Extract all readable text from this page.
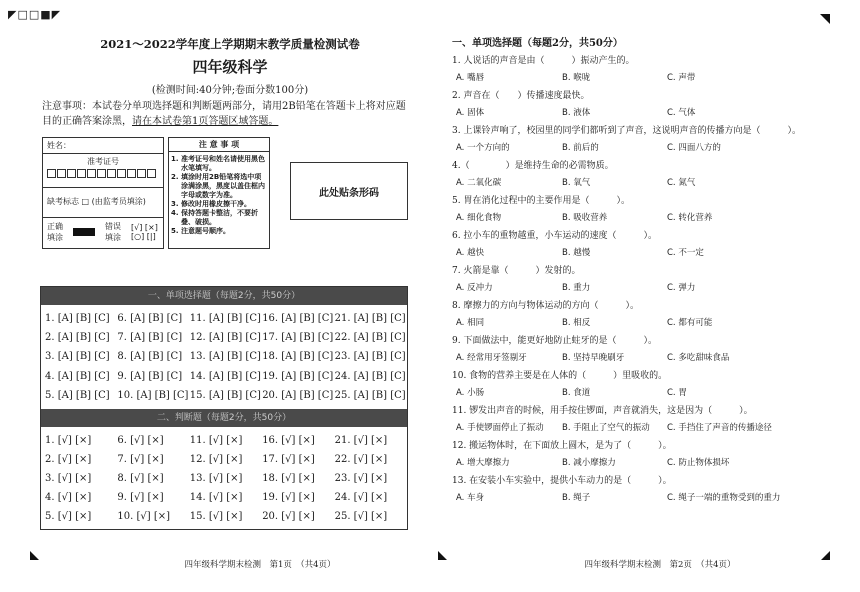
◤□□■◤
2021～2022学年度上学期期末教学质量检测试卷
四年级科学
(检测时间:40分钟;卷面分数100分)
注意事项：本试卷分单项选择题和判断题两部分，请用2B铅笔在答题卡上将对应题目的正确答案涂黑，请在本试卷第1页答题区域答题。
姓名：
准考证号
缺考标志 □ (由监考员填涂)
正确填涂
错误填涂
[√] [×]
[○] [|]
注 意 事 项
1. 准考证号和姓名请使用黑色水笔填写。
2. 填涂时用2B铅笔将选中项涂满涂黑，黑度以盖住框内字母或数字为准。
3. 修改时用橡皮擦干净。
4. 保持答题卡整洁，不要折叠、破损。
5. 注意题号顺序。
此处贴条形码
一、单项选择题（每题2分，共50分）
1. [A] [B] [C] 6. [A] [B] [C] 11. [A] [B] [C] 16. [A] [B] [C] 21. [A] [B] [C]
2. [A] [B] [C] 7. [A] [B] [C] 12. [A] [B] [C] 17. [A] [B] [C] 22. [A] [B] [C]
3. [A] [B] [C] 8. [A] [B] [C] 13. [A] [B] [C] 18. [A] [B] [C] 23. [A] [B] [C]
4. [A] [B] [C] 9. [A] [B] [C] 14. [A] [B] [C] 19. [A] [B] [C] 24. [A] [B] [C]
5. [A] [B] [C] 10. [A] [B] [C] 15. [A] [B] [C] 20. [A] [B] [C] 25. [A] [B] [C]
二、判断题（每题2分，共50分）
1. [√] [×]	6. [√] [×]	11. [√] [×]	16. [√] [×]	21. [√] [×]
2. [√] [×]	7. [√] [×]	12. [√] [×]	17. [√] [×]	22. [√] [×]
3. [√] [×]	8. [√] [×]	13. [√] [×]	18. [√] [×]	23. [√] [×]
4. [√] [×]	9. [√] [×]	14. [√] [×]	19. [√] [×]	24. [√] [×]
5. [√] [×]	10. [√] [×]	15. [√] [×]	20. [√] [×]	25. [√] [×]
四年级科学期末检测　第1页　（共4页）
一、单项选择题（每题2分，共50分）
1. 人说话的声音是由（　　　）振动产生的。
A. 嘴唇	B. 喉咙	C. 声带
2. 声音在（　　）传播速度最快。
A. 固体	B. 液体	C. 气体
3. 上课铃声响了，校园里的同学们都听到了声音，这说明声音的传播方向是（　　　）。
A. 一个方向的	B. 前后的	C. 四面八方的
4.（　　　　）是维持生命的必需物质。
A. 二氧化碳	B. 氧气	C. 氮气
5. 胃在消化过程中的主要作用是（　　　）。
A. 细化食物	B. 吸收营养	C. 转化营养
6. 拉小车的重物越重，小车运动的速度（　　　）。
A. 越快	B. 越慢	C. 不一定
7. 火箭是靠（　　　）发射的。
A. 反冲力	B. 重力	C. 弹力
8. 摩擦力的方向与物体运动的方向（　　　）。
A. 相同	B. 相反	C. 都有可能
9. 下面做法中，能更好地防止蛀牙的是（　　　）。
A. 经常用牙签剔牙	B. 坚持早晚刷牙	C. 多吃甜味食品
10. 食物的营养主要是在人体的（　　　）里吸收的。
A. 小肠	B. 食道	C. 胃
11. 锣发出声音的时候，用手按住锣面，声音就消失，这是因为（　　　）。
A. 手使锣面停止了振动	B. 手阻止了空气的振动	C. 手挡住了声音的传播途径
12. 搬运物体时，在下面放上圆木，是为了（　　　）。
A. 增大摩擦力	B. 减小摩擦力	C. 防止物体损坏
13. 在安装小车实验中，提供小车动力的是（　　　）。
A. 车身	B. 绳子	C. 绳子一端的重物受到的重力
四年级科学期末检测　第2页　（共4页）
